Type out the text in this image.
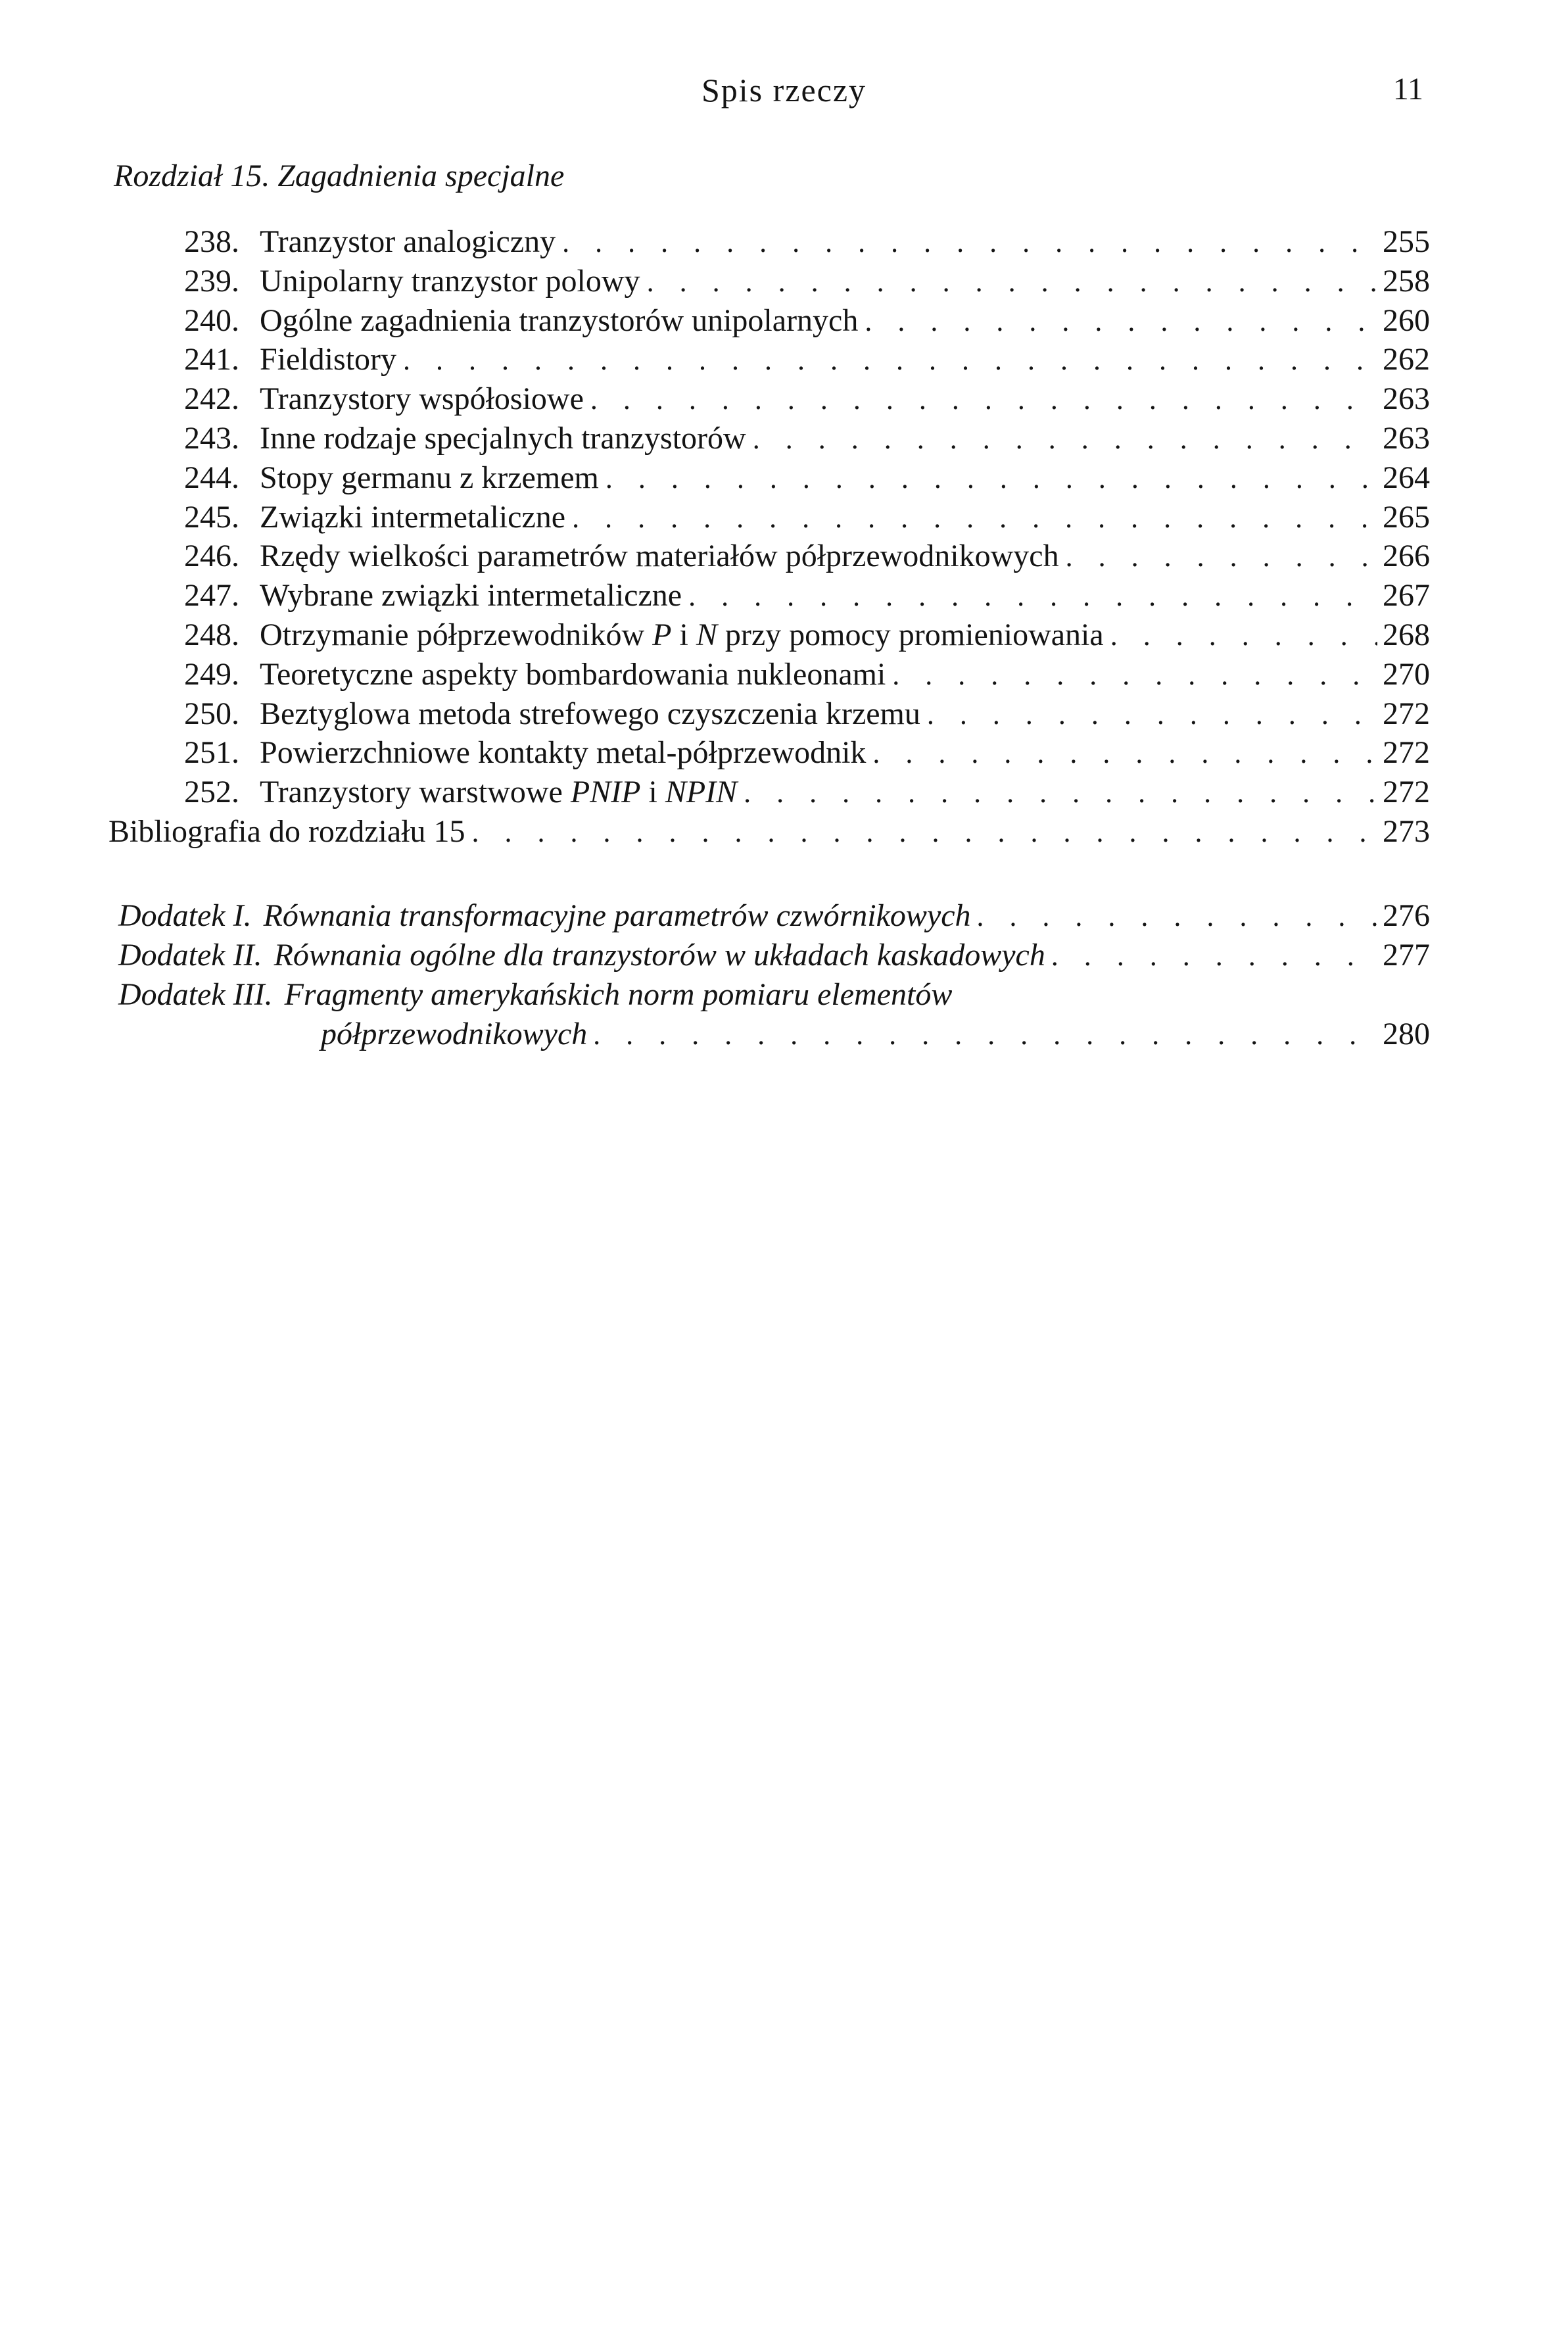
Spis rzeczy	11
Rozdział 15. Zagadnienia specjalne
238. Tranzystor analogiczny . . .	255
239. Unipolarny tranzystor polowy . . .	258
240. Ogólne zagadnienia tranzystorów unipolarnych . . .	260
241. Fieldistory . . .	262
242. Tranzystory współosiowe . . .	263
243. Inne rodzaje specjalnych tranzystorów . . .	263
244. Stopy germanu z krzemem . . .	264
245. Związki intermetaliczne . . .	265
246. Rzędy wielkości parametrów materiałów półprzewodnikowych . . .	266
247. Wybrane związki intermetaliczne . . .	267
248. Otrzymanie półprzewodników P i N przy pomocy promieniowania . . .	268
249. Teoretyczne aspekty bombardowania nukleonami . . .	270
250. Beztyglowa metoda strefowego czyszczenia krzemu . . .	272
251. Powierzchniowe kontakty metal-półprzewodnik . . .	272
252. Tranzystory warstwowe PNIP i NPIN . . .	272
Bibliografia do rozdziału 15 . . .	273
Dodatek I. Równania transformacyjne parametrów czwórnikowych . . .	276
Dodatek II. Równania ogólne dla tranzystorów w układach kaskadowych . . .	277
Dodatek III. Fragmenty amerykańskich norm pomiaru elementów
półprzewodnikowych . . .	280
